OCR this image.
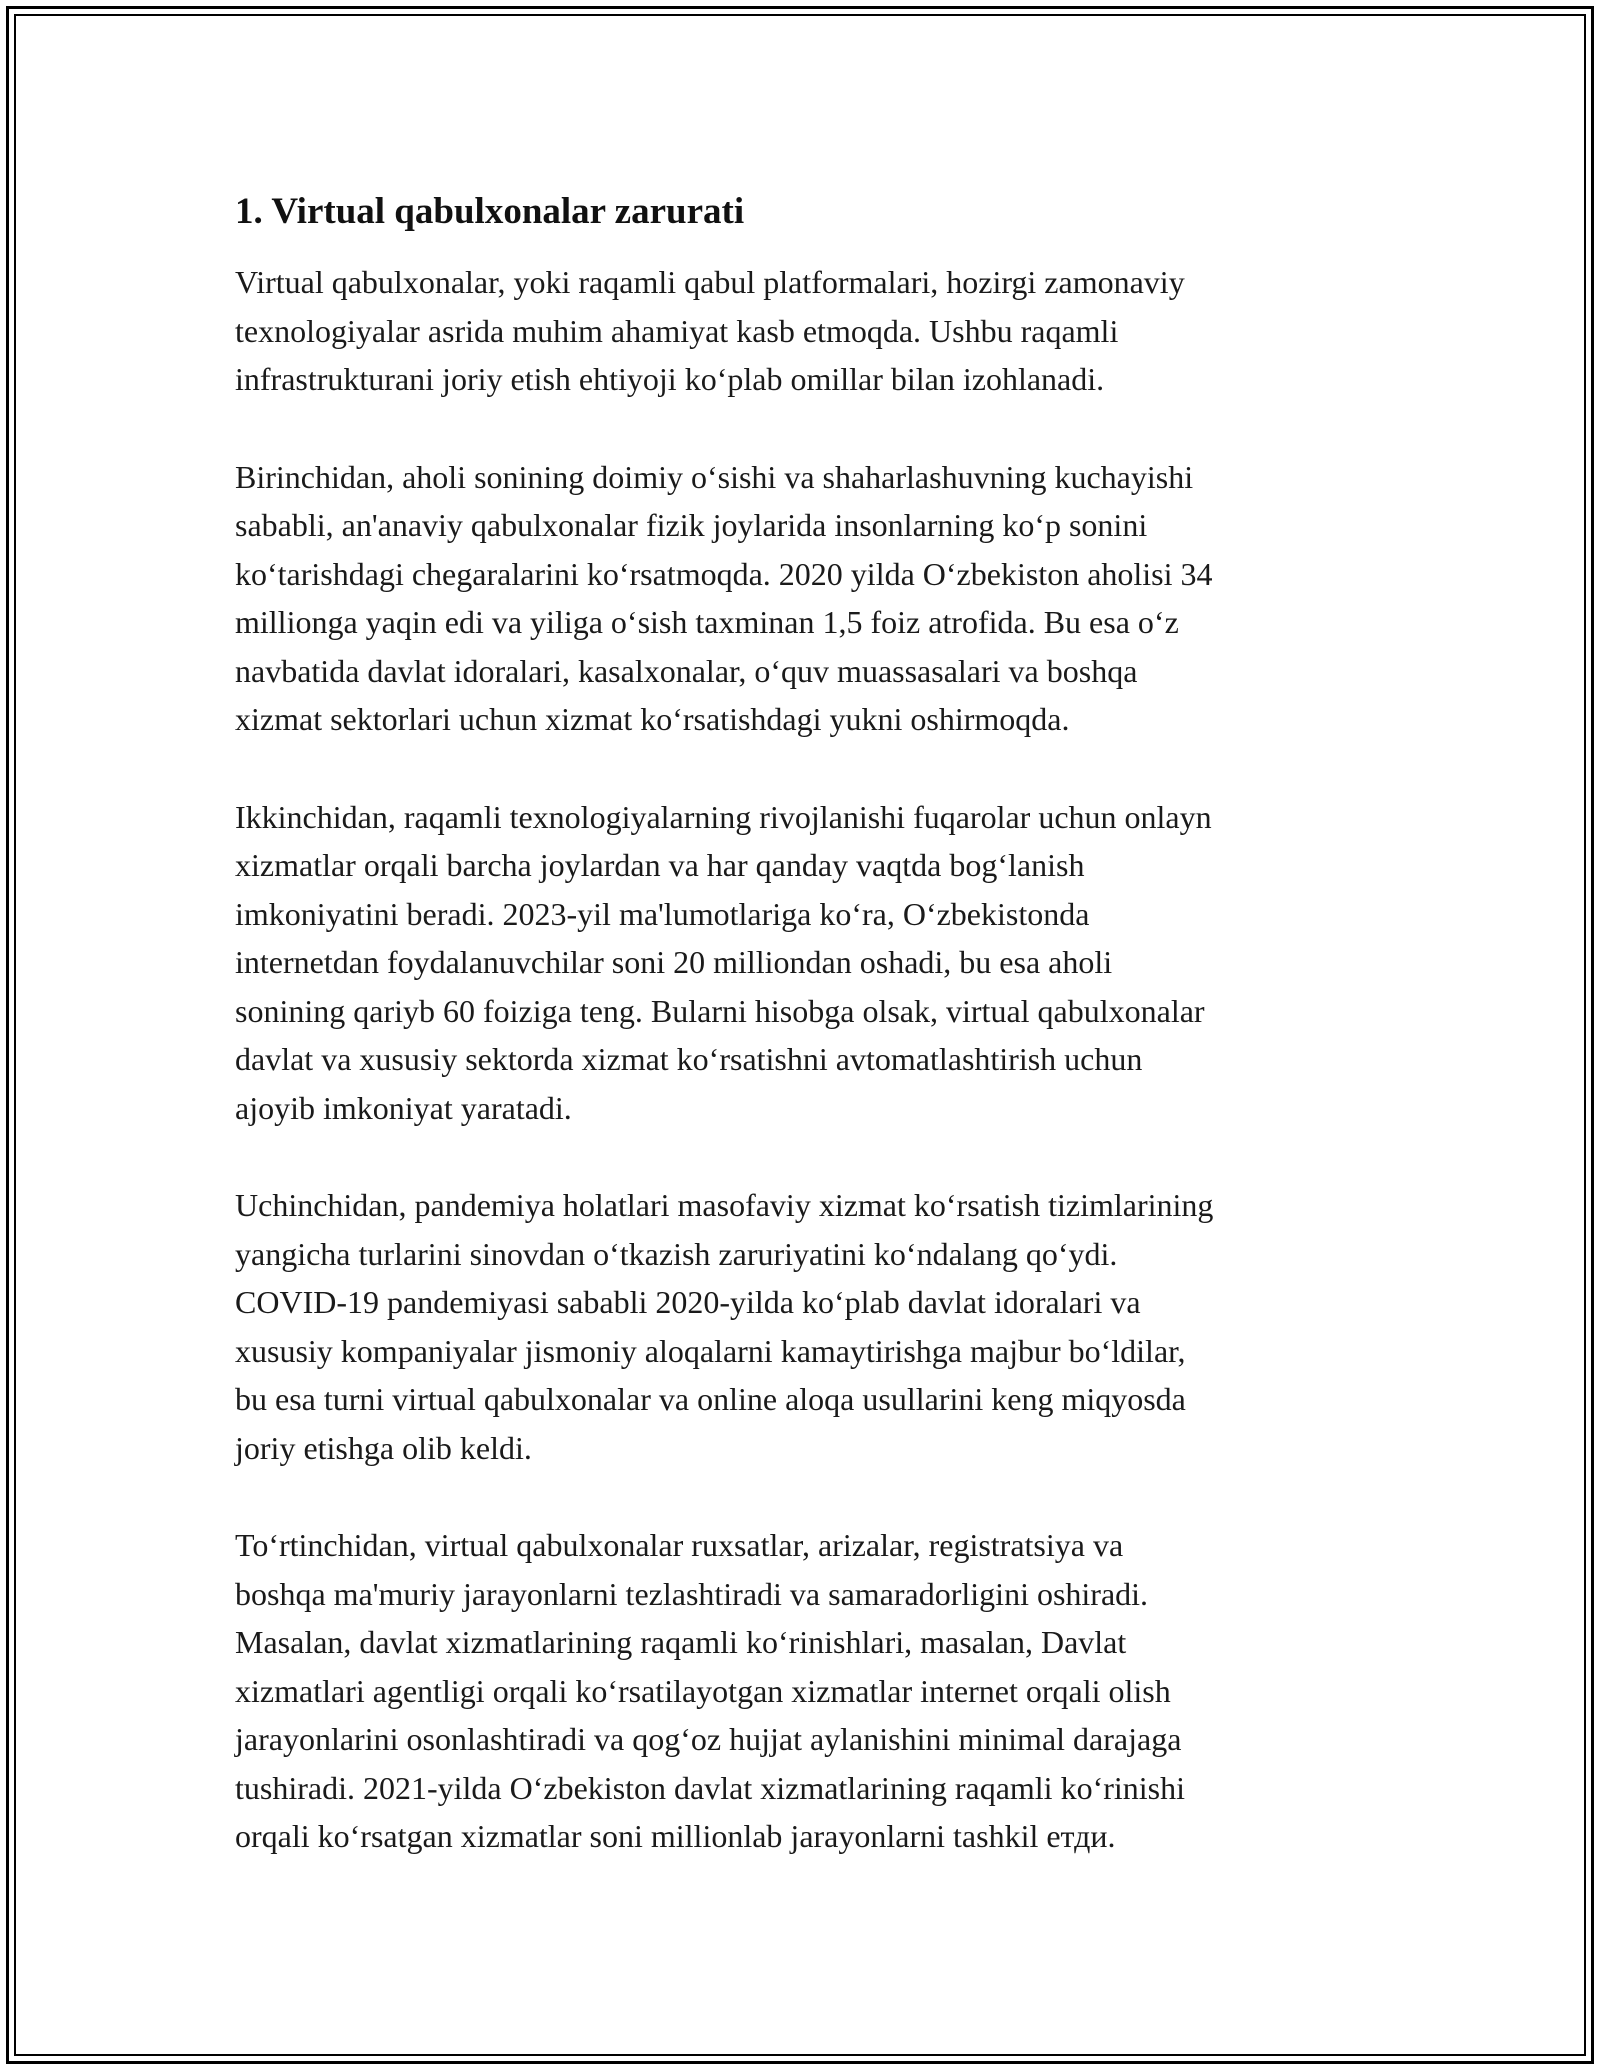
1. Virtual qabulxonalar zarurati

Virtual qabulxonalar, yoki raqamli qabul platformalari, hozirgi zamonaviy
texnologiyalar asrida muhim ahamiyat kasb etmoqda. Ushbu raqamli
infrastrukturani joriy etish ehtiyoji koʻplab omillar bilan izohlanadi.

Birinchidan, aholi sonining doimiy oʻsishi va shaharlashuvning kuchayishi
sababli, an'anaviy qabulxonalar fizik joylarida insonlarning koʻp sonini
koʻtarishdagi chegaralarini koʻrsatmoqda. 2020 yilda Oʻzbekiston aholisi 34
millionga yaqin edi va yiliga oʻsish taxminan 1,5 foiz atrofida. Bu esa oʻz
navbatida davlat idoralari, kasalxonalar, oʻquv muassasalari va boshqa
xizmat sektorlari uchun xizmat koʻrsatishdagi yukni oshirmoqda.

Ikkinchidan, raqamli texnologiyalarning rivojlanishi fuqarolar uchun onlayn
xizmatlar orqali barcha joylardan va har qanday vaqtda bogʻlanish
imkoniyatini beradi. 2023-yil ma'lumotlariga koʻra, Oʻzbekistonda
internetdan foydalanuvchilar soni 20 milliondan oshadi, bu esa aholi
sonining qariyb 60 foiziga teng. Bularni hisobga olsak, virtual qabulxonalar
davlat va xususiy sektorda xizmat koʻrsatishni avtomatlashtirish uchun
ajoyib imkoniyat yaratadi.

Uchinchidan, pandemiya holatlari masofaviy xizmat koʻrsatish tizimlarining
yangicha turlarini sinovdan oʻtkazish zaruriyatini koʻndalang qoʻydi.
COVID-19 pandemiyasi sababli 2020-yilda koʻplab davlat idoralari va
xususiy kompaniyalar jismoniy aloqalarni kamaytirishga majbur boʻldilar,
bu esa turni virtual qabulxonalar va online aloqa usullarini keng miqyosda
joriy etishga olib keldi.

Toʻrtinchidan, virtual qabulxonalar ruxsatlar, arizalar, registratsiya va
boshqa ma'muriy jarayonlarni tezlashtiradi va samaradorligini oshiradi.
Masalan, davlat xizmatlarining raqamli koʻrinishlari, masalan, Davlat
xizmatlari agentligi orqali koʻrsatilayotgan xizmatlar internet orqali olish
jarayonlarini osonlashtiradi va qogʻoz hujjat aylanishini minimal darajaga
tushiradi. 2021-yilda Oʻzbekiston davlat xizmatlarining raqamli koʻrinishi
orqali koʻrsatgan xizmatlar soni millionlab jarayonlarni tashkil етди.
